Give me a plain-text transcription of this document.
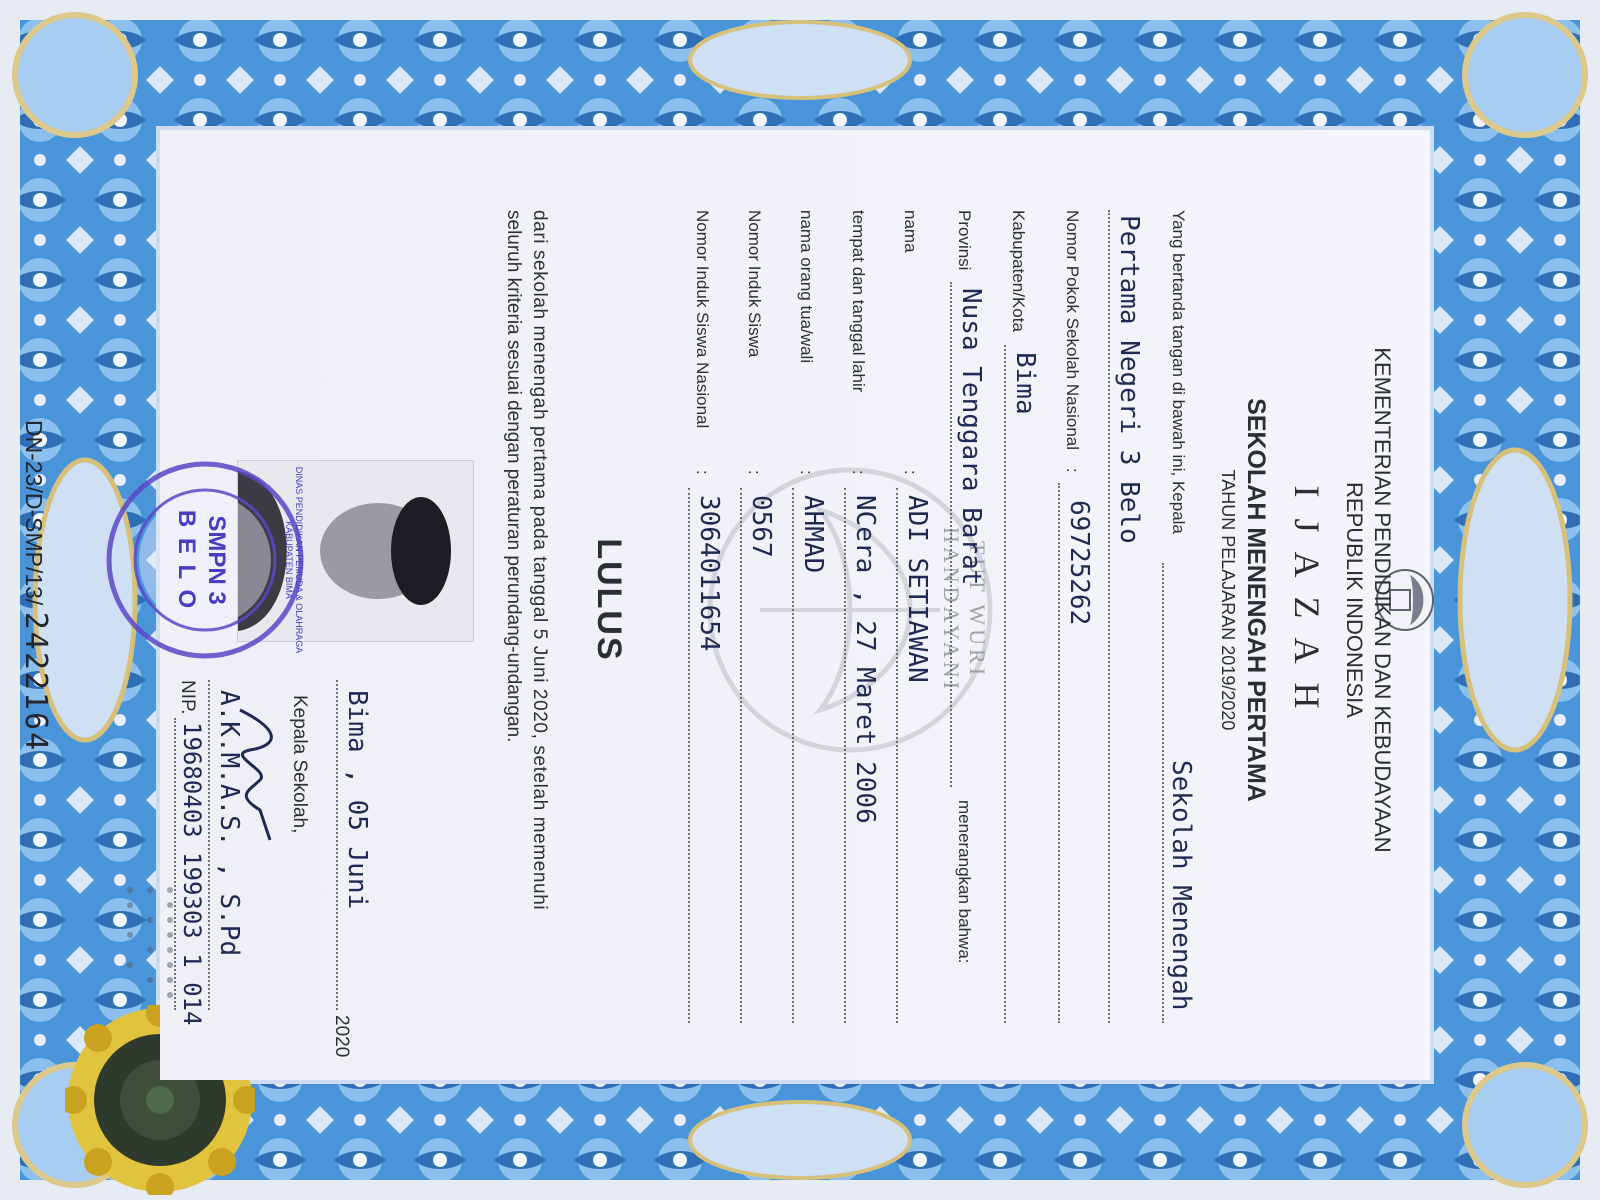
TUT WURI HANDAYANI	KEMENTERIAN PENDIDIKAN DAN KEBUDAYAAN
REPUBLIK INDONESIA
I J A Z A H
SEKOLAH MENENGAH PERTAMA
TAHUN PELAJARAN 2019/2020
Yang bertanda tangan di bawah ini, Kepala
Sekolah Menengah
Pertama Negeri 3 Belo
Nomor Pokok Sekolah Nasional
:
69725262
Kabupaten/Kota
Bima
Provinsi
Nusa Tenggara Barat
menerangkan bahwa:
nama
:
ADI SETIAWAN
tempat dan tanggal lahir
:
NCera , 27 Maret 2006
nama orang tua/wali
:
AHMAD
Nomor Induk Siswa
:
0567
Nomor Induk Siswa Nasional
:
3064011654
LULUS
dari sekolah menengah pertama pada tanggal 5 Juni 2020, setelah memenuhi
seluruh kriteria sesuai dengan peraturan perundang-undangan.
SMPN 3
B E L O	DINAS PENDIDIKAN PEMUDA & OLAHRAGA KABUPATEN BIMA
Bima , 05 Juni
2020
Kepala Sekolah,
A.K.M.A.S. , S.Pd
NIP.
19680403 199303 1 014
DN-23/D-SMP/13/ 2422164
